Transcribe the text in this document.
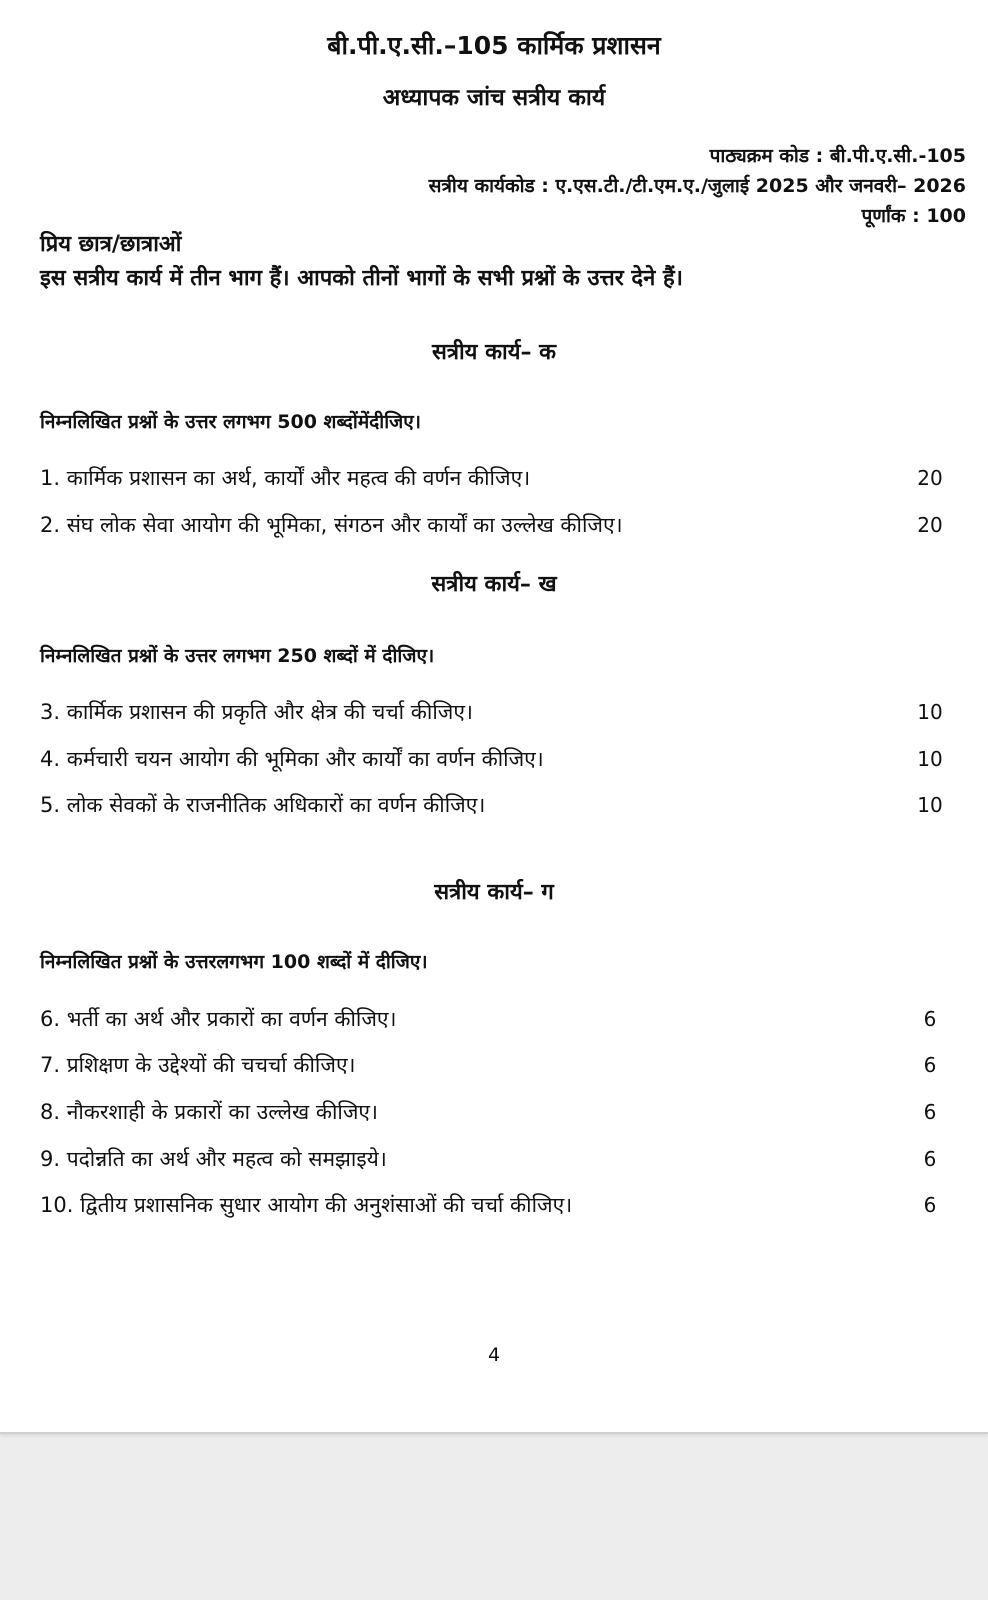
बी.पी.ए.सी.–105 कार्मिक प्रशासन
अध्यापक जांच सत्रीय कार्य
पाठ्यक्रम कोड : बी.पी.ए.सी.-105
सत्रीय कार्यकोड : ए.एस.टी./टी.एम.ए./जुलाई 2025 और जनवरी– 2026
पूर्णांक : 100
प्रिय छात्र/छात्राओं
इस सत्रीय कार्य में तीन भाग हैं। आपको तीनों भागों के सभी प्रश्नों के उत्तर देने हैं।
सत्रीय कार्य– क
निम्नलिखित प्रश्नों के उत्तर लगभग 500 शब्दोंमेंदीजिए।
1. कार्मिक प्रशासन का अर्थ, कार्यों और महत्व की वर्णन कीजिए।	20
2. संघ लोक सेवा आयोग की भूमिका, संगठन और कार्यों का उल्लेख कीजिए।	20
सत्रीय कार्य– ख
निम्नलिखित प्रश्नों के उत्तर लगभग 250 शब्दों में दीजिए।
3. कार्मिक प्रशासन की प्रकृति और क्षेत्र की चर्चा कीजिए।	10
4. कर्मचारी चयन आयोग की भूमिका और कार्यों का वर्णन कीजिए।	10
5. लोक सेवकों के राजनीतिक अधिकारों का वर्णन कीजिए।	10
सत्रीय कार्य– ग
निम्नलिखित प्रश्नों के उत्तरलगभग 100 शब्दों में दीजिए।
6. भर्ती का अर्थ और प्रकारों का वर्णन कीजिए।	6
7. प्रशिक्षण के उद्देश्यों की चचर्चा कीजिए।	6
8. नौकरशाही के प्रकारों का उल्लेख कीजिए।	6
9. पदोन्नति का अर्थ और महत्व को समझाइये।	6
10. द्वितीय प्रशासनिक सुधार आयोग की अनुशंसाओं की चर्चा कीजिए।	6
4
